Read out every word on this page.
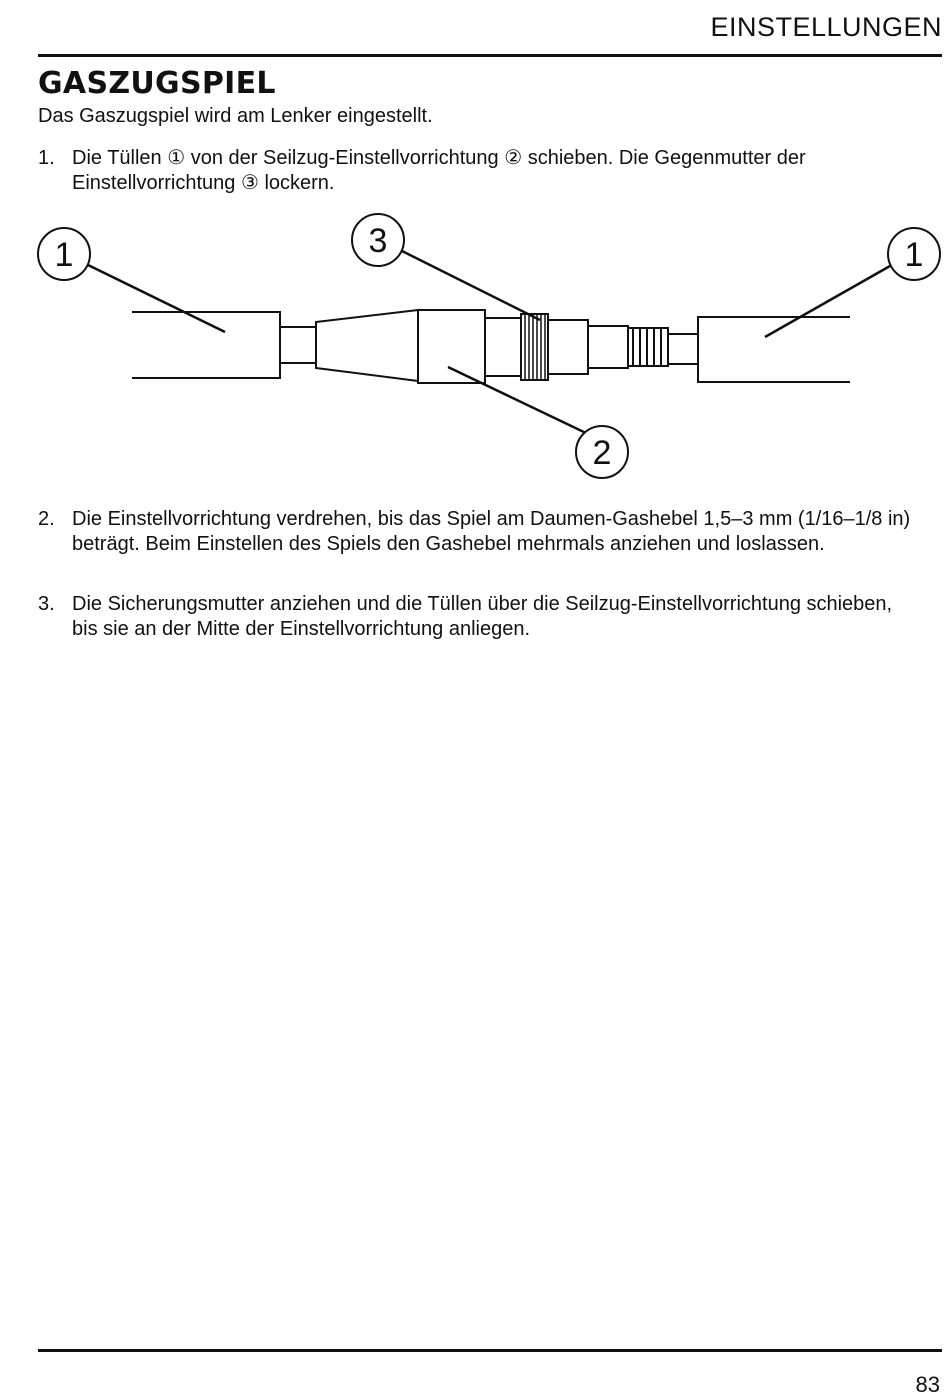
EINSTELLUNGEN
GASZUGSPIEL

Das Gaszugspiel wird am Lenker eingestellt.

1. Die Tüllen ① von der Seilzug-Einstellvorrichtung ② schieben. Die Gegenmutter der Einstellvorrichtung ③ lockern.
1	3	1
2
2. Die Einstellvorrichtung verdrehen, bis das Spiel am Daumen-Gashebel 1,5–3 mm (1/16–1/8 in) beträgt. Beim Einstellen des Spiels den Gashebel mehrmals anziehen und loslassen.
3. Die Sicherungsmutter anziehen und die Tüllen über die Seilzug-Einstellvorrichtung schieben, bis sie an der Mitte der Einstellvorrichtung anliegen.
83
